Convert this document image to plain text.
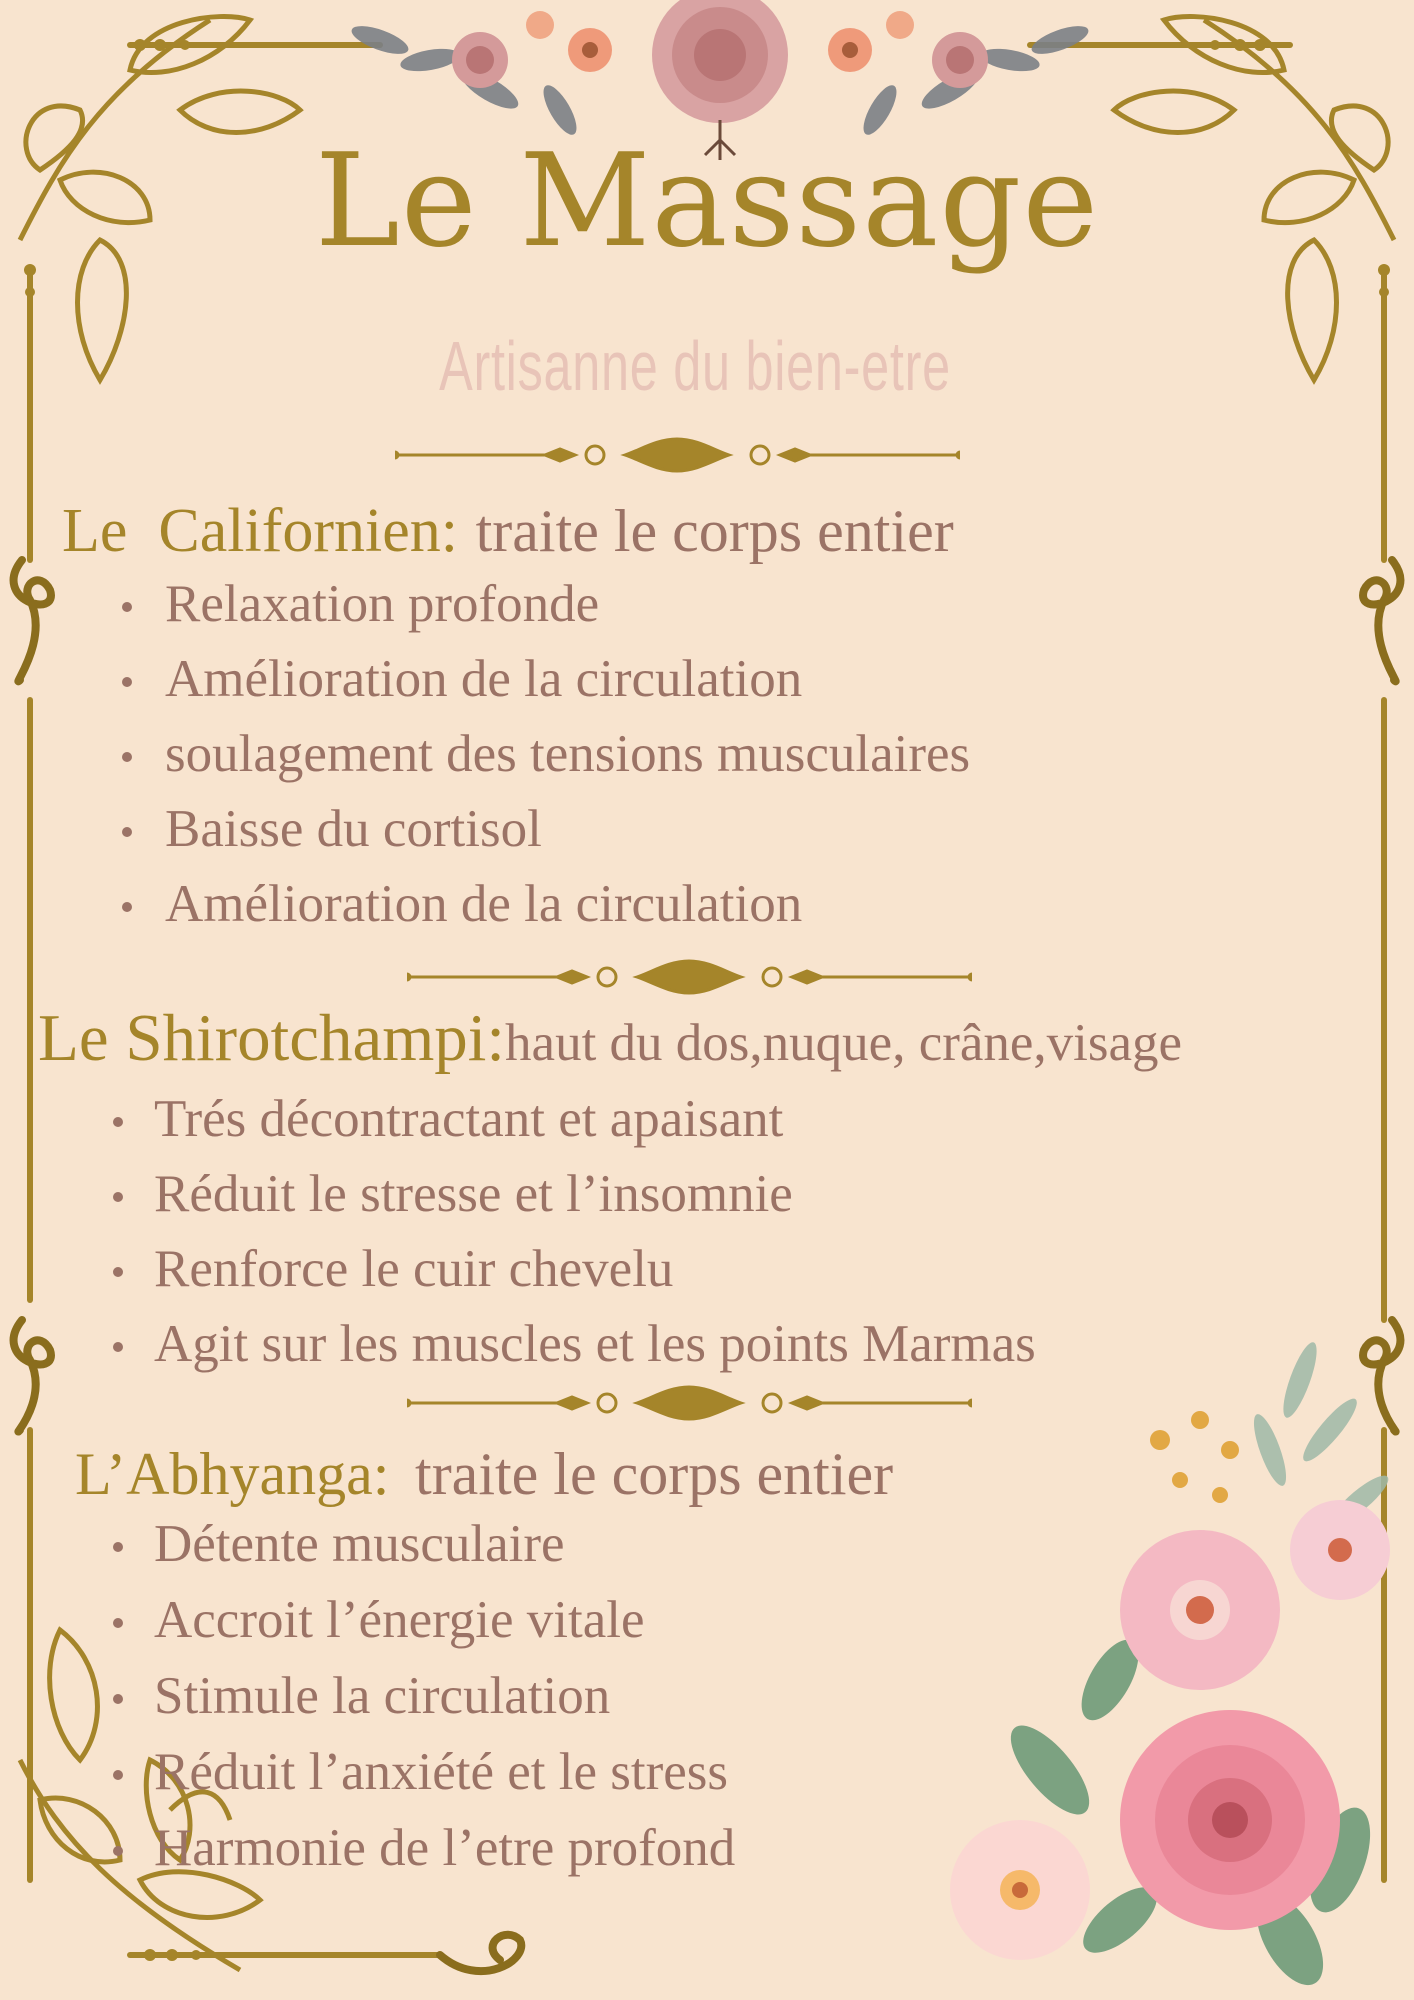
Le Massage
Artisanne du bien-etre
Le  Californien: traite le corps entier
Relaxation profonde
Amélioration de la circulation
soulagement des tensions musculaires
Baisse du cortisol
Amélioration de la circulation
Le Shirotchampi:haut du dos,nuque, crâne,visage
Trés décontractant et apaisant
Réduit le stresse et l’insomnie
Renforce le cuir chevelu
Agit sur les muscles et les points Marmas
L’Abhyanga: traite le corps entier
Détente musculaire
Accroit l’énergie vitale
Stimule la circulation
Réduit l’anxiété et le stress
Harmonie de l’etre profond
